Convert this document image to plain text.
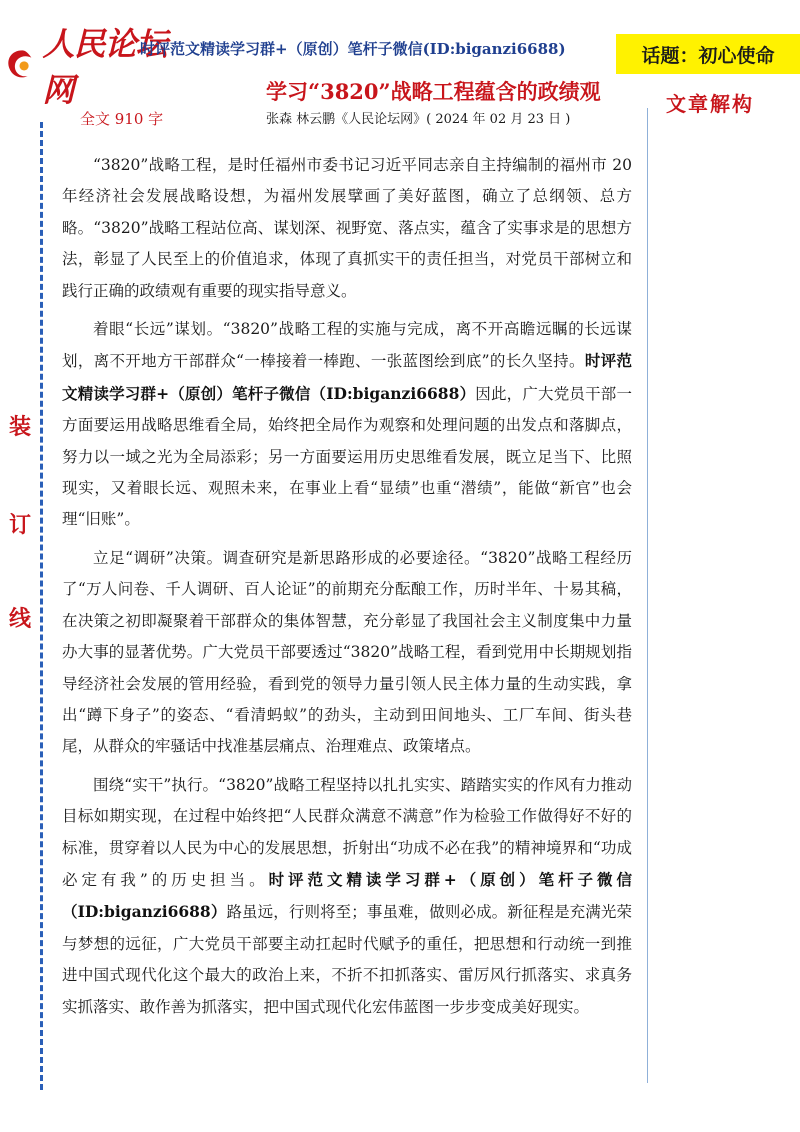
人民论坛网
时评范文精读学习群+（原创）笔杆子微信(ID:biganzi6688)	话题：初心使命
学习“3820”战略工程蕴含的政绩观	文章解构
全文 910 字	张森 林云鹏《人民论坛网》( 2024 年 02 月 23 日 )
装
订
线

“3820”战略工程，是时任福州市委书记习近平同志亲自主持编制的福州市 20 年经济社会发展战略设想，为福州发展擘画了美好蓝图，确立了总纲领、总方略。“3820”战略工程站位高、谋划深、视野宽、落点实，蕴含了实事求是的思想方法，彰显了人民至上的价值追求，体现了真抓实干的责任担当，对党员干部树立和践行正确的政绩观有重要的现实指导意义。

着眼“长远”谋划。“3820”战略工程的实施与完成，离不开高瞻远瞩的长远谋划，离不开地方干部群众“一棒接着一棒跑、一张蓝图绘到底”的长久坚持。时评范文精读学习群+（原创）笔杆子微信（ID:biganzi6688）因此，广大党员干部一方面要运用战略思维看全局，始终把全局作为观察和处理问题的出发点和落脚点，努力以一域之光为全局添彩；另一方面要运用历史思维看发展，既立足当下、比照现实，又着眼长远、观照未来，在事业上看“显绩”也重“潜绩”，能做“新官”也会理“旧账”。

立足“调研”决策。调查研究是新思路形成的必要途径。“3820”战略工程经历了“万人问卷、千人调研、百人论证”的前期充分酝酿工作，历时半年、十易其稿，在决策之初即凝聚着干部群众的集体智慧，充分彰显了我国社会主义制度集中力量办大事的显著优势。广大党员干部要透过“3820”战略工程，看到党用中长期规划指导经济社会发展的管用经验，看到党的领导力量引领人民主体力量的生动实践，拿出“蹲下身子”的姿态、“看清蚂蚁”的劲头，主动到田间地头、工厂车间、街头巷尾，从群众的牢骚话中找准基层痛点、治理难点、政策堵点。

围绕“实干”执行。“3820”战略工程坚持以扎扎实实、踏踏实实的作风有力推动目标如期实现，在过程中始终把“人民群众满意不满意”作为检验工作做得好不好的标准，贯穿着以人民为中心的发展思想，折射出“功成不必在我”的精神境界和“功成必定有我”的历史担当。时评范文精读学习群+（原创）笔杆子微信（ID:biganzi6688）路虽远，行则将至；事虽难，做则必成。新征程是充满光荣与梦想的远征，广大党员干部要主动扛起时代赋予的重任，把思想和行动统一到推进中国式现代化这个最大的政治上来，不折不扣抓落实、雷厉风行抓落实、求真务实抓落实、敢作善为抓落实，把中国式现代化宏伟蓝图一步步变成美好现实。
